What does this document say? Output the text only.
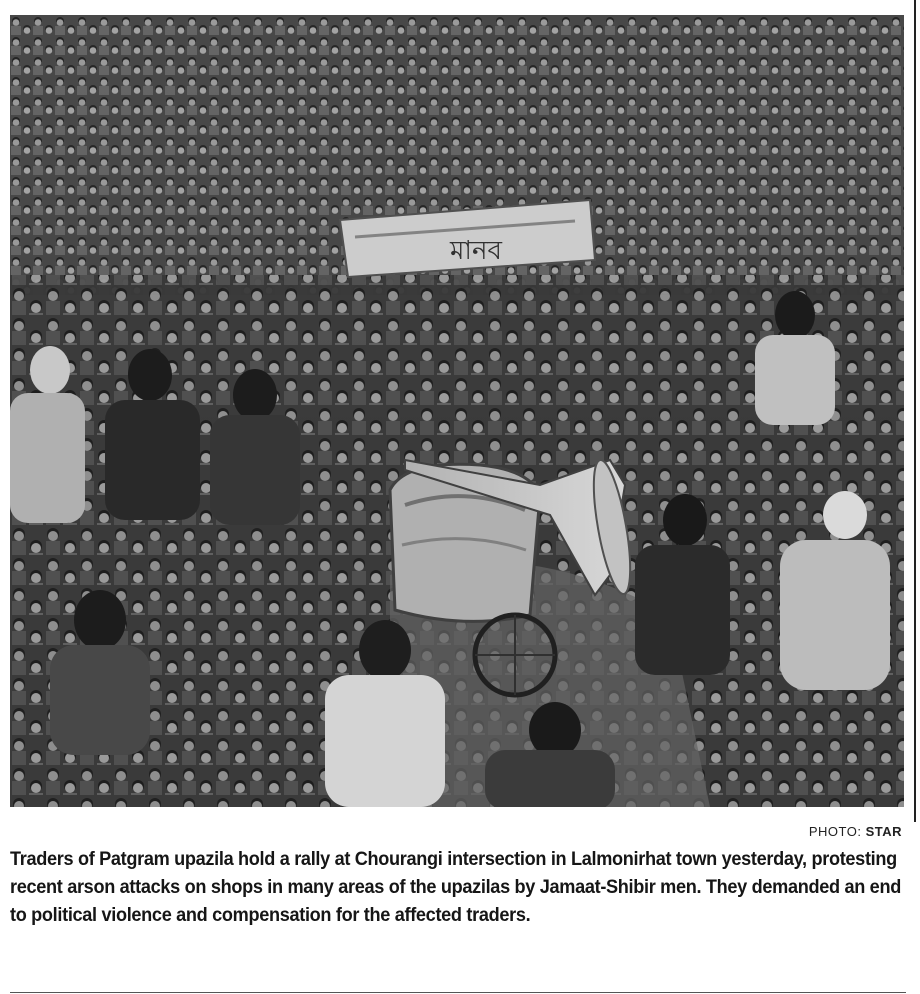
মানব
PHOTO: STAR

Traders of Patgram upazila hold a rally at Chourangi intersection in Lalmonirhat town yesterday, protesting recent arson attacks on shops in many areas of the upazilas by Jamaat-Shibir men. They demanded an end to political violence and compensation for the affected traders.
